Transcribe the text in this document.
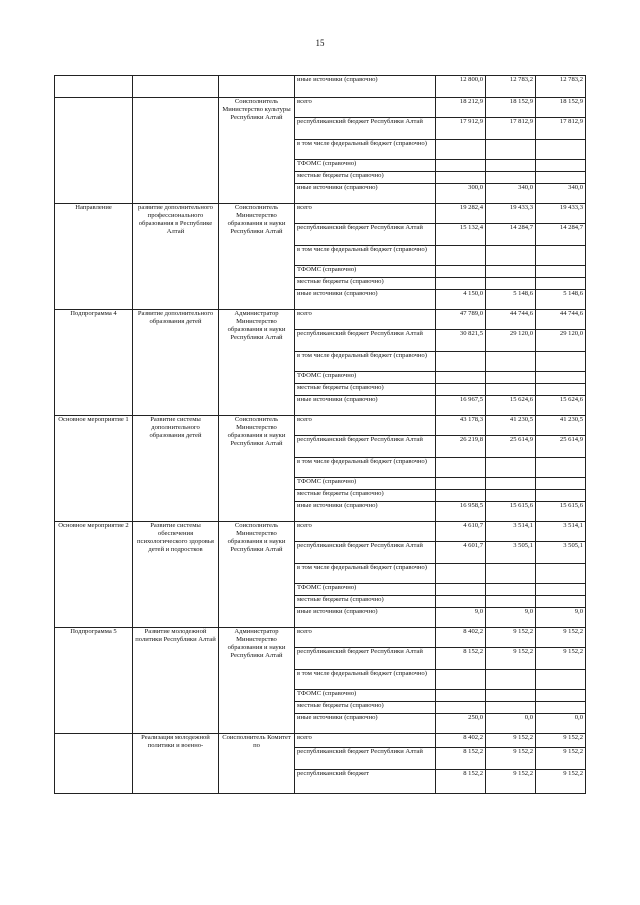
15
			иные источники (справочно)	12 800,0	12 783,2	12 783,2
		Соисполнитель Министерство культуры Республики Алтай	всего	18 212,9	18 152,9	18 152,9
			республиканский бюджет Республики Алтай	17 912,9	17 812,9	17 812,9
			в том числе федеральный бюджет (справочно)			
			ТФОМС (справочно)			
			местные бюджеты (справочно)			
			иные источники (справочно)	300,0	340,0	340,0
Направление	развитие дополнительного профессионального образования в Республике Алтай	Соисполнитель Министерство образования и науки Республики Алтай	всего	19 282,4	19 433,3	19 433,3
			республиканский бюджет Республики Алтай	15 132,4	14 284,7	14 284,7
			в том числе федеральный бюджет (справочно)			
			ТФОМС (справочно)			
			местные бюджеты (справочно)			
			иные источники (справочно)	4 150,0	5 148,6	5 148,6
Подпрограмма 4	Развитие дополнительного образования детей	Администратор Министерство образования и науки Республики Алтай	всего	47 789,0	44 744,6	44 744,6
			республиканский бюджет Республики Алтай	30 821,5	29 120,0	29 120,0
			в том числе федеральный бюджет (справочно)			
			ТФОМС (справочно)			
			местные бюджеты (справочно)			
			иные источники (справочно)	16 967,5	15 624,6	15 624,6
Основное мероприятие 1	Развитие системы дополнительного образования детей	Соисполнитель Министерство образования и науки Республики Алтай	всего	43 178,3	41 230,5	41 230,5
			республиканский бюджет Республики Алтай	26 219,8	25 614,9	25 614,9
			в том числе федеральный бюджет (справочно)			
			ТФОМС (справочно)			
			местные бюджеты (справочно)			
			иные источники (справочно)	16 958,5	15 615,6	15 615,6
Основное мероприятие 2	Развитие системы обеспечения психологического здоровья детей и подростков	Соисполнитель Министерство образования и науки Республики Алтай	всего	4 610,7	3 514,1	3 514,1
			республиканский бюджет Республики Алтай	4 601,7	3 505,1	3 505,1
			в том числе федеральный бюджет (справочно)			
			ТФОМС (справочно)			
			местные бюджеты (справочно)			
			иные источники (справочно)	9,0	9,0	9,0
Подпрограмма 5	Развитие молодежной политики Республики Алтай	Администратор Министерство образования и науки Республики Алтай	всего	8 402,2	9 152,2	9 152,2
			республиканский бюджет Республики Алтай	8 152,2	9 152,2	9 152,2
			в том числе федеральный бюджет (справочно)			
			ТФОМС (справочно)			
			местные бюджеты (справочно)			
			иные источники (справочно)	250,0	0,0	0,0
	Реализация молодежной политики и военно-	Соисполнитель Комитет по	всего	8 402,2	9 152,2	9 152,2
			республиканский бюджет Республики Алтай	8 152,2	9 152,2	9 152,2
			республиканский бюджет	8 152,2	9 152,2	9 152,2
